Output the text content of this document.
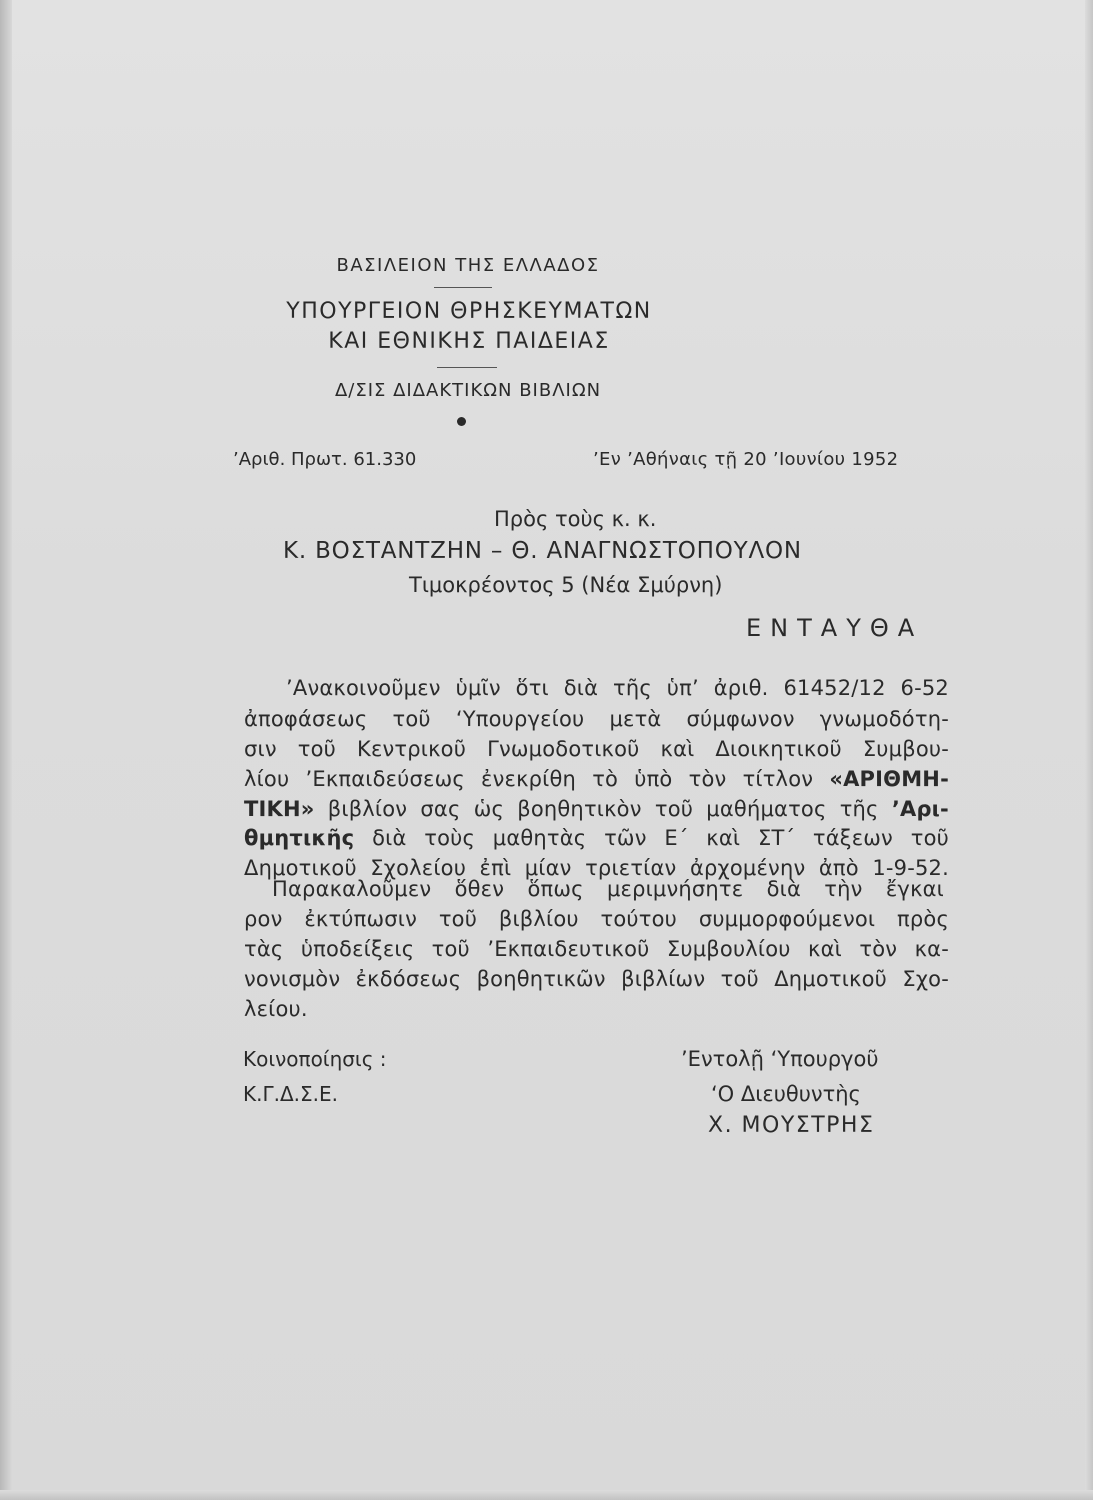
ΒΑΣΙΛΕΙΟΝ ΤΗΣ ΕΛΛΑΔΟΣ
ΥΠΟΥΡΓΕΙΟΝ ΘΡΗΣΚΕΥΜΑΤΩΝ
ΚΑΙ ΕΘΝΙΚΗΣ ΠΑΙΔΕΙΑΣ
Δ/ΣΙΣ ΔΙΔΑΚΤΙΚΩΝ ΒΙΒΛΙΩΝ
’Αριθ. Πρωτ. 61.330	’Εν ’Αθήναις τῇ 20 ’Ιουνίου 1952
Πρὸς τοὺς κ. κ.
Κ. ΒΟΣΤΑΝΤΖΗΝ – Θ. ΑΝΑΓΝΩΣΤΟΠΟΥΛΟΝ
Τιμοκρέοντος 5 (Νέα Σμύρνη)
ΕΝΤΑΥΘΑ
’Ανακοινοῦμεν ὑμῖν ὅτι διὰ τῆς ὑπ’ ἀριθ. 61452/12 6-52
ἀποφάσεως τοῦ ‘Υπουργείου μετὰ σύμφωνον γνωμοδότη-
σιν τοῦ Κεντρικοῦ Γνωμοδοτικοῦ καὶ Διοικητικοῦ Συμβου-
λίου ’Εκπαιδεύσεως ἐνεκρίθη τὸ ὑπὸ τὸν τίτλον «ΑΡΙΘΜΗ-
ΤΙΚΗ» βιβλίον σας ὡς βοηθητικὸν τοῦ μαθήματος τῆς ’Αρι-
θμητικῆς διὰ τοὺς μαθητὰς τῶν Ε΄ καὶ ΣΤ΄ τάξεων τοῦ
Δημοτικοῦ Σχολείου ἐπὶ μίαν τριετίαν ἀρχομένην ἀπὸ 1-9-52.
Παρακαλοῦμεν ὅθεν ὅπως μεριμνήσητε διὰ τὴν ἔγκαι
ρον ἐκτύπωσιν τοῦ βιβλίου τούτου συμμορφούμενοι πρὸς
τὰς ὑποδείξεις τοῦ ’Εκπαιδευτικοῦ Συμβουλίου καὶ τὸν κα-
νονισμὸν ἐκδόσεως βοηθητικῶν βιβλίων τοῦ Δημοτικοῦ Σχο-
λείου.
Κοινοποίησις :
Κ.Γ.Δ.Σ.Ε.
’Εντολῇ ‘Υπουργοῦ
‘Ο Διευθυντὴς
Χ. ΜΟΥΣΤΡΗΣ
